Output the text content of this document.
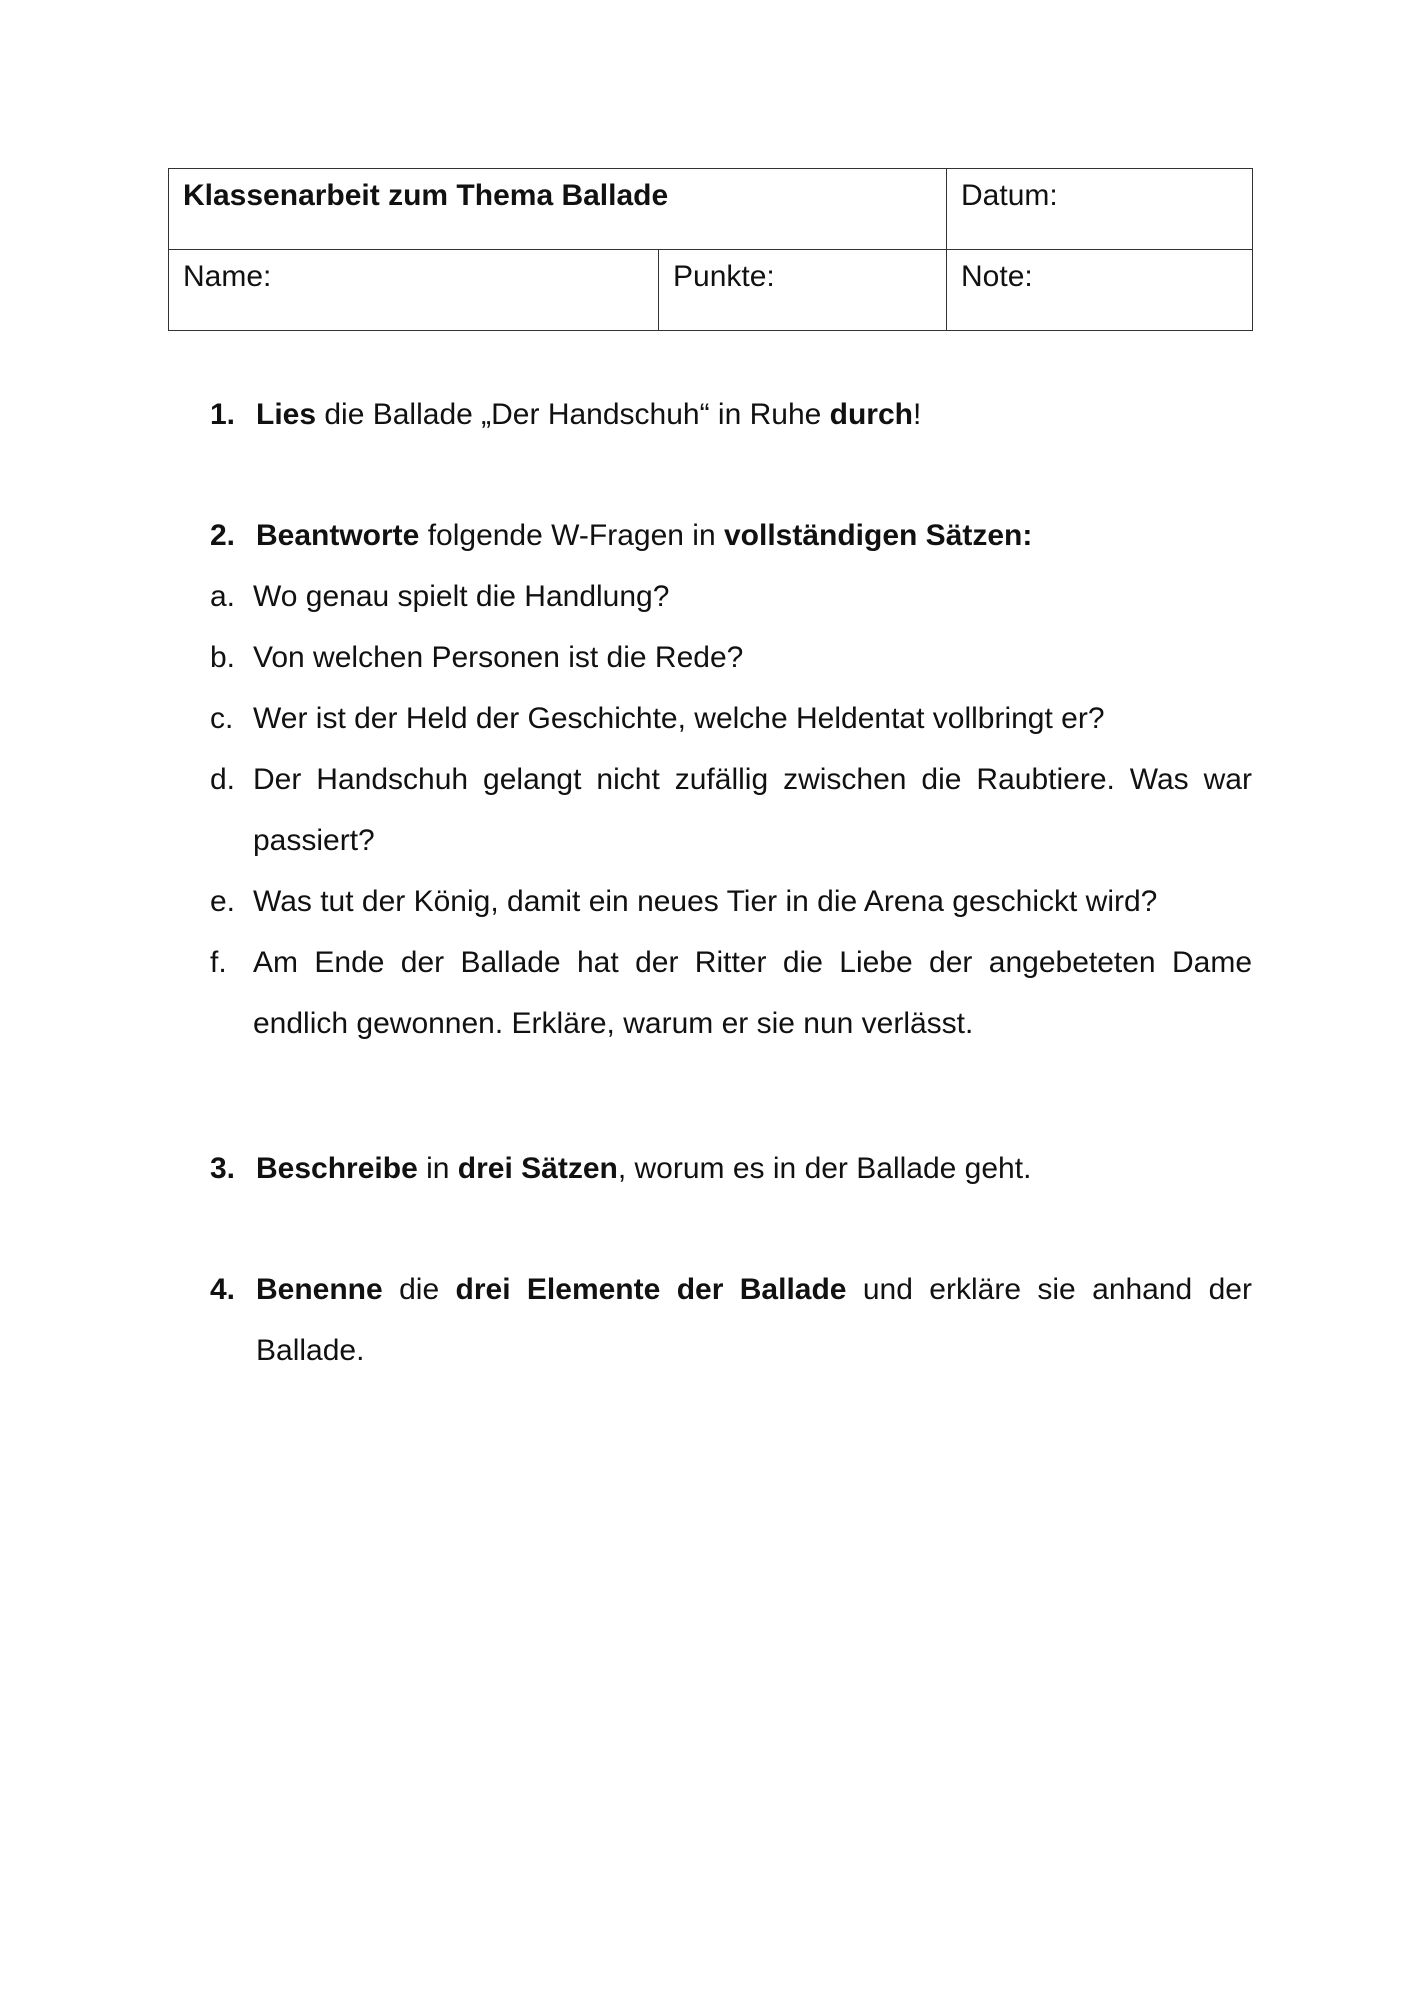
Klassenarbeit zum Thema Ballade		Datum:
Name:	Punkte:	Note:
1. Lies die Ballade „Der Handschuh“ in Ruhe durch!
2. Beantworte folgende W-Fragen in vollständigen Sätzen:
a. Wo genau spielt die Handlung?
b. Von welchen Personen ist die Rede?
c. Wer ist der Held der Geschichte, welche Heldentat vollbringt er?
d. Der Handschuh gelangt nicht zufällig zwischen die Raubtiere. Was war passiert?
e. Was tut der König, damit ein neues Tier in die Arena geschickt wird?
f. Am Ende der Ballade hat der Ritter die Liebe der angebeteten Dame endlich gewonnen. Erkläre, warum er sie nun verlässt.
3. Beschreibe in drei Sätzen, worum es in der Ballade geht.
4. Benenne die drei Elemente der Ballade und erkläre sie anhand der Ballade.
